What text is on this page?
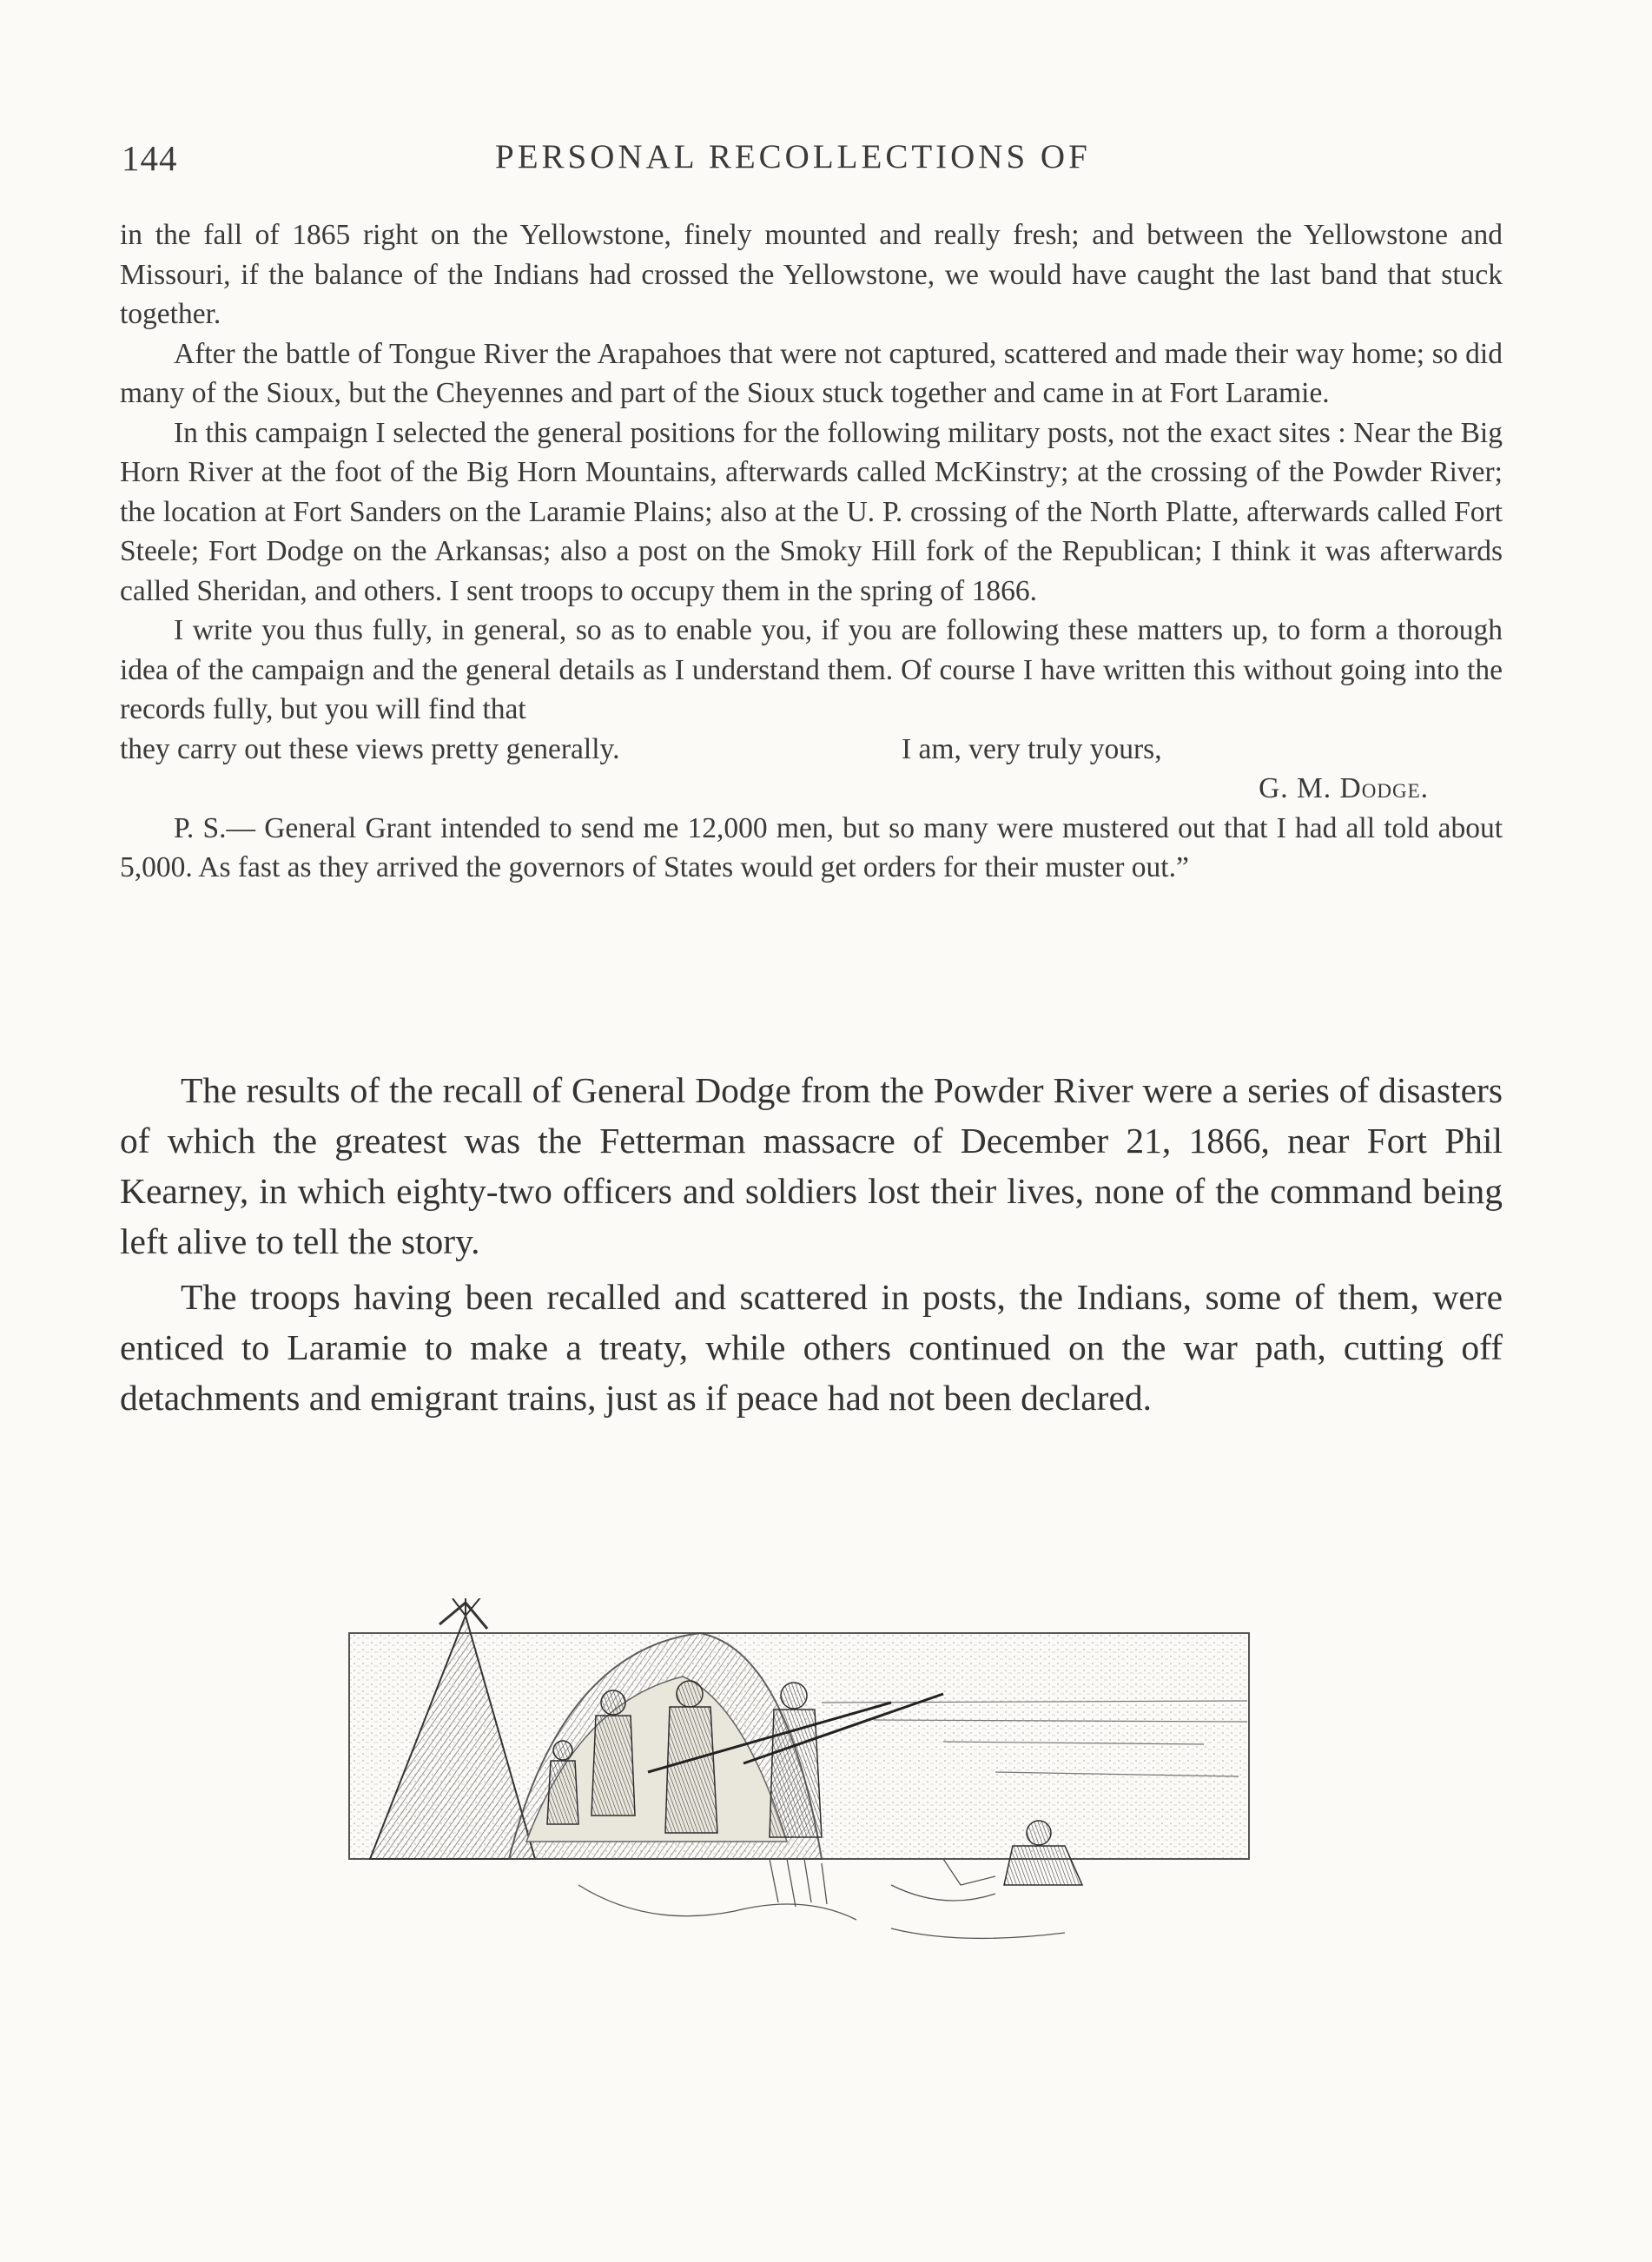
144	PERSONAL RECOLLECTIONS OF

in the fall of 1865 right on the Yellowstone, finely mounted and really fresh; and between the Yellowstone and Missouri, if the balance of the Indians had crossed the Yellowstone, we would have caught the last band that stuck together.

After the battle of Tongue River the Arapahoes that were not captured, scattered and made their way home; so did many of the Sioux, but the Cheyennes and part of the Sioux stuck together and came in at Fort Laramie.

In this campaign I selected the general positions for the following military posts, not the exact sites : Near the Big Horn River at the foot of the Big Horn Mountains, afterwards called McKinstry; at the crossing of the Powder River; the location at Fort Sanders on the Laramie Plains; also at the U. P. crossing of the North Platte, afterwards called Fort Steele; Fort Dodge on the Arkansas; also a post on the Smoky Hill fork of the Republican; I think it was afterwards called Sheridan, and others. I sent troops to occupy them in the spring of 1866.

I write you thus fully, in general, so as to enable you, if you are following these matters up, to form a thorough idea of the campaign and the general details as I understand them. Of course I have written this without going into the records fully, but you will find that

they carry out these views pretty generally.	I am, very truly yours,
G. M. Dodge.

P. S.— General Grant intended to send me 12,000 men, but so many were mustered out that I had all told about 5,000. As fast as they arrived the governors of States would get orders for their muster out.”

The results of the recall of General Dodge from the Powder River were a series of disasters of which the greatest was the Fetterman massacre of December 21, 1866, near Fort Phil Kearney, in which eighty-two officers and soldiers lost their lives, none of the command being left alive to tell the story.

The troops having been recalled and scattered in posts, the Indians, some of them, were enticed to Laramie to make a treaty, while others continued on the war path, cutting off detachments and emigrant trains, just as if peace had not been declared.
